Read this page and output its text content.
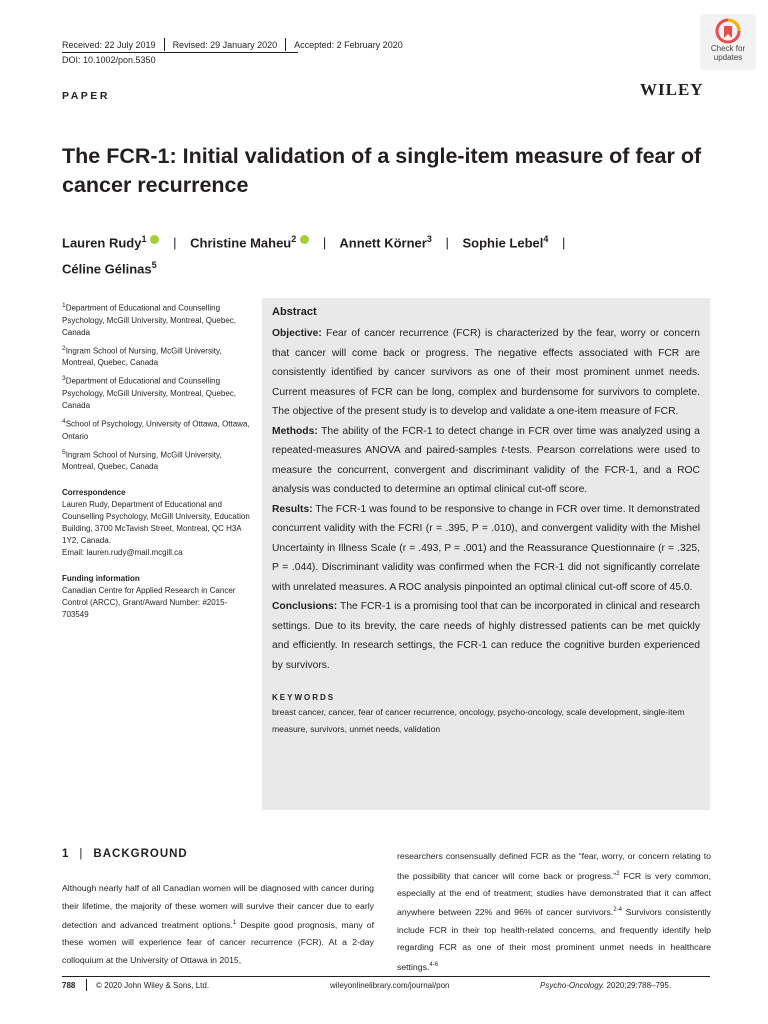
Received: 22 July 2019 Revised: 29 January 2020 Accepted: 2 February 2020
DOI: 10.1002/pon.5350
Check for
updates
WILEY
PAPER
The FCR-1: Initial validation of a single-item measure of fear of cancer recurrence
Lauren Rudy$^1$ | Christine Maheu$^2$ | Annett Körner$^3$ | Sophie Lebel$^4$ |
Céline Gélinas$^5$

$^1$Department of Educational and Counselling Psychology, McGill University, Montreal, Quebec, Canada

$^2$Ingram School of Nursing, McGill University, Montreal, Quebec, Canada

$^3$Department of Educational and Counselling Psychology, McGill University, Montreal, Quebec, Canada

$^4$School of Psychology, University of Ottawa, Ottawa, Ontario

$^5$Ingram School of Nursing, McGill University, Montreal, Quebec, Canada

Correspondence

Lauren Rudy, Department of Educational and Counselling Psychology, McGill University, Education Building, 3700 McTavish Street, Montreal, QC H3A 1Y2, Canada.

Email: lauren.rudy@mail.mcgill.ca

Funding information

Canadian Centre for Applied Research in Cancer Control (ARCC), Grant/Award Number: #2015-703549

Abstract

Objective: Fear of cancer recurrence (FCR) is characterized by the fear, worry or concern that cancer will come back or progress. The negative effects associated with FCR are consistently identified by cancer survivors as one of their most prominent unmet needs. Current measures of FCR can be long, complex and burdensome for survivors to complete. The objective of the present study is to develop and validate a one-item measure of FCR.

Methods: The ability of the FCR-1 to detect change in FCR over time was analyzed using a repeated-measures ANOVA and paired-samples t-tests. Pearson correlations were used to measure the concurrent, convergent and discriminant validity of the FCR-1, and a ROC analysis was conducted to determine an optimal clinical cut-off score.

Results: The FCR-1 was found to be responsive to change in FCR over time. It demonstrated concurrent validity with the FCRI (r = .395, P = .010), and convergent validity with the Mishel Uncertainty in Illness Scale (r = .493, P = .001) and the Reassurance Questionnaire (r = .325, P = .044). Discriminant validity was confirmed when the FCR-1 did not significantly correlate with unrelated measures. A ROC analysis pinpointed an optimal clinical cut-off score of 45.0.

Conclusions: The FCR-1 is a promising tool that can be incorporated in clinical and research settings. Due to its brevity, the care needs of highly distressed patients can be met quickly and efficiently. In research settings, the FCR-1 can reduce the cognitive burden experienced by survivors.

KEYWORDS
breast cancer, cancer, fear of cancer recurrence, oncology, psycho-oncology, scale development, single-item measure, survivors, unmet needs, validation
1 | BACKGROUND
Although nearly half of all Canadian women will be diagnosed with cancer during their lifetime, the majority of these women will survive their cancer due to early detection and advanced treatment options.$^1$ Despite good prognosis, many of these women will experience fear of cancer recurrence (FCR). At a 2-day colloquium at the University of Ottawa in 2015,
researchers consensually defined FCR as the “fear, worry, or concern relating to the possibility that cancer will come back or progress.”$^2$ FCR is very common, especially at the end of treatment; studies have demonstrated that it can affect anywhere between 22% and 96% of cancer survivors.$^{2-4}$ Survivors consistently include FCR in their top health-related concerns, and frequently identify help regarding FCR as one of their most prominent unmet needs in healthcare settings.$^{4-6}$
788	© 2020 John Wiley & Sons, Ltd.	wileyonlinelibrary.com/journal/pon	Psycho-Oncology. 2020;29:788–795.
